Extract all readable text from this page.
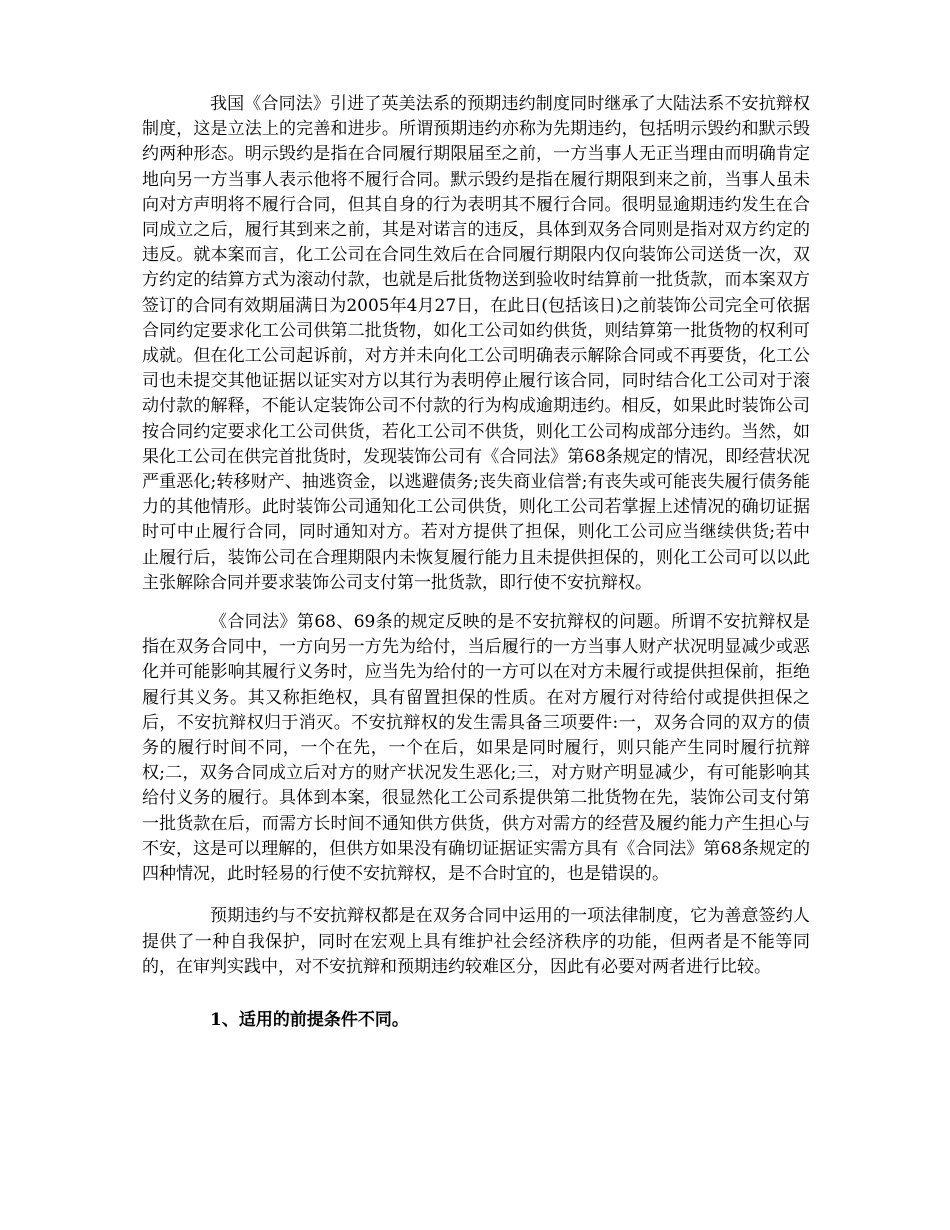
我国《合同法》引进了英美法系的预期违约制度同时继承了大陆法系不安抗辩权制度，这是立法上的完善和进步。所谓预期违约亦称为先期违约，包括明示毁约和默示毁约两种形态。明示毁约是指在合同履行期限届至之前，一方当事人无正当理由而明确肯定地向另一方当事人表示他将不履行合同。默示毁约是指在履行期限到来之前，当事人虽未向对方声明将不履行合同，但其自身的行为表明其不履行合同。很明显逾期违约发生在合同成立之后，履行其到来之前，其是对诺言的违反，具体到双务合同则是指对双方约定的违反。就本案而言，化工公司在合同生效后在合同履行期限内仅向装饰公司送货一次，双方约定的结算方式为滚动付款，也就是后批货物送到验收时结算前一批货款，而本案双方签订的合同有效期届满日为2005年4月27日，在此日(包括该日)之前装饰公司完全可依据合同约定要求化工公司供第二批货物，如化工公司如约供货，则结算第一批货物的权利可成就。但在化工公司起诉前，对方并未向化工公司明确表示解除合同或不再要货，化工公司也未提交其他证据以证实对方以其行为表明停止履行该合同，同时结合化工公司对于滚动付款的解释，不能认定装饰公司不付款的行为构成逾期违约。相反，如果此时装饰公司按合同约定要求化工公司供货，若化工公司不供货，则化工公司构成部分违约。当然，如果化工公司在供完首批货时，发现装饰公司有《合同法》第68条规定的情况，即经营状况严重恶化;转移财产、抽逃资金，以逃避债务;丧失商业信誉;有丧失或可能丧失履行债务能力的其他情形。此时装饰公司通知化工公司供货，则化工公司若掌握上述情况的确切证据时可中止履行合同，同时通知对方。若对方提供了担保，则化工公司应当继续供货;若中止履行后，装饰公司在合理期限内未恢复履行能力且未提供担保的，则化工公司可以以此主张解除合同并要求装饰公司支付第一批货款，即行使不安抗辩权。

《合同法》第68、69条的规定反映的是不安抗辩权的问题。所谓不安抗辩权是指在双务合同中，一方向另一方先为给付，当后履行的一方当事人财产状况明显减少或恶化并可能影响其履行义务时，应当先为给付的一方可以在对方未履行或提供担保前，拒绝履行其义务。其又称拒绝权，具有留置担保的性质。在对方履行对待给付或提供担保之后，不安抗辩权归于消灭。不安抗辩权的发生需具备三项要件:一，双务合同的双方的债务的履行时间不同，一个在先，一个在后，如果是同时履行，则只能产生同时履行抗辩权;二，双务合同成立后对方的财产状况发生恶化;三，对方财产明显减少，有可能影响其给付义务的履行。具体到本案，很显然化工公司系提供第二批货物在先，装饰公司支付第一批货款在后，而需方长时间不通知供方供货，供方对需方的经营及履约能力产生担心与不安，这是可以理解的，但供方如果没有确切证据证实需方具有《合同法》第68条规定的四种情况，此时轻易的行使不安抗辩权，是不合时宜的，也是错误的。

预期违约与不安抗辩权都是在双务合同中运用的一项法律制度，它为善意签约人提供了一种自我保护，同时在宏观上具有维护社会经济秩序的功能，但两者是不能等同的，在审判实践中，对不安抗辩和预期违约较难区分，因此有必要对两者进行比较。

1、适用的前提条件不同。
